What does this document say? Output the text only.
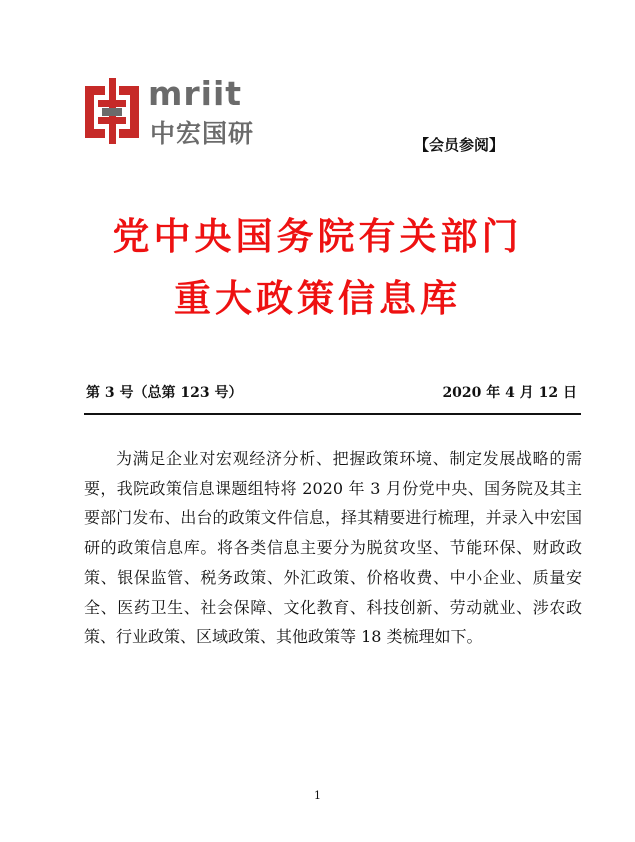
mriit
中宏国研	【会员参阅】
党中央国务院有关部门
重大政策信息库
第 3 号（总第 123 号）	2020 年 4 月 12 日

为满足企业对宏观经济分析、把握政策环境、制定发展战略的需要，我院政策信息课题组特将 2020 年 3 月份党中央、国务院及其主要部门发布、出台的政策文件信息，择其精要进行梳理，并录入中宏国研的政策信息库。将各类信息主要分为脱贫攻坚、节能环保、财政政策、银保监管、税务政策、外汇政策、价格收费、中小企业、质量安全、医药卫生、社会保障、文化教育、科技创新、劳动就业、涉农政策、行业政策、区域政策、其他政策等 18 类梳理如下。

1
